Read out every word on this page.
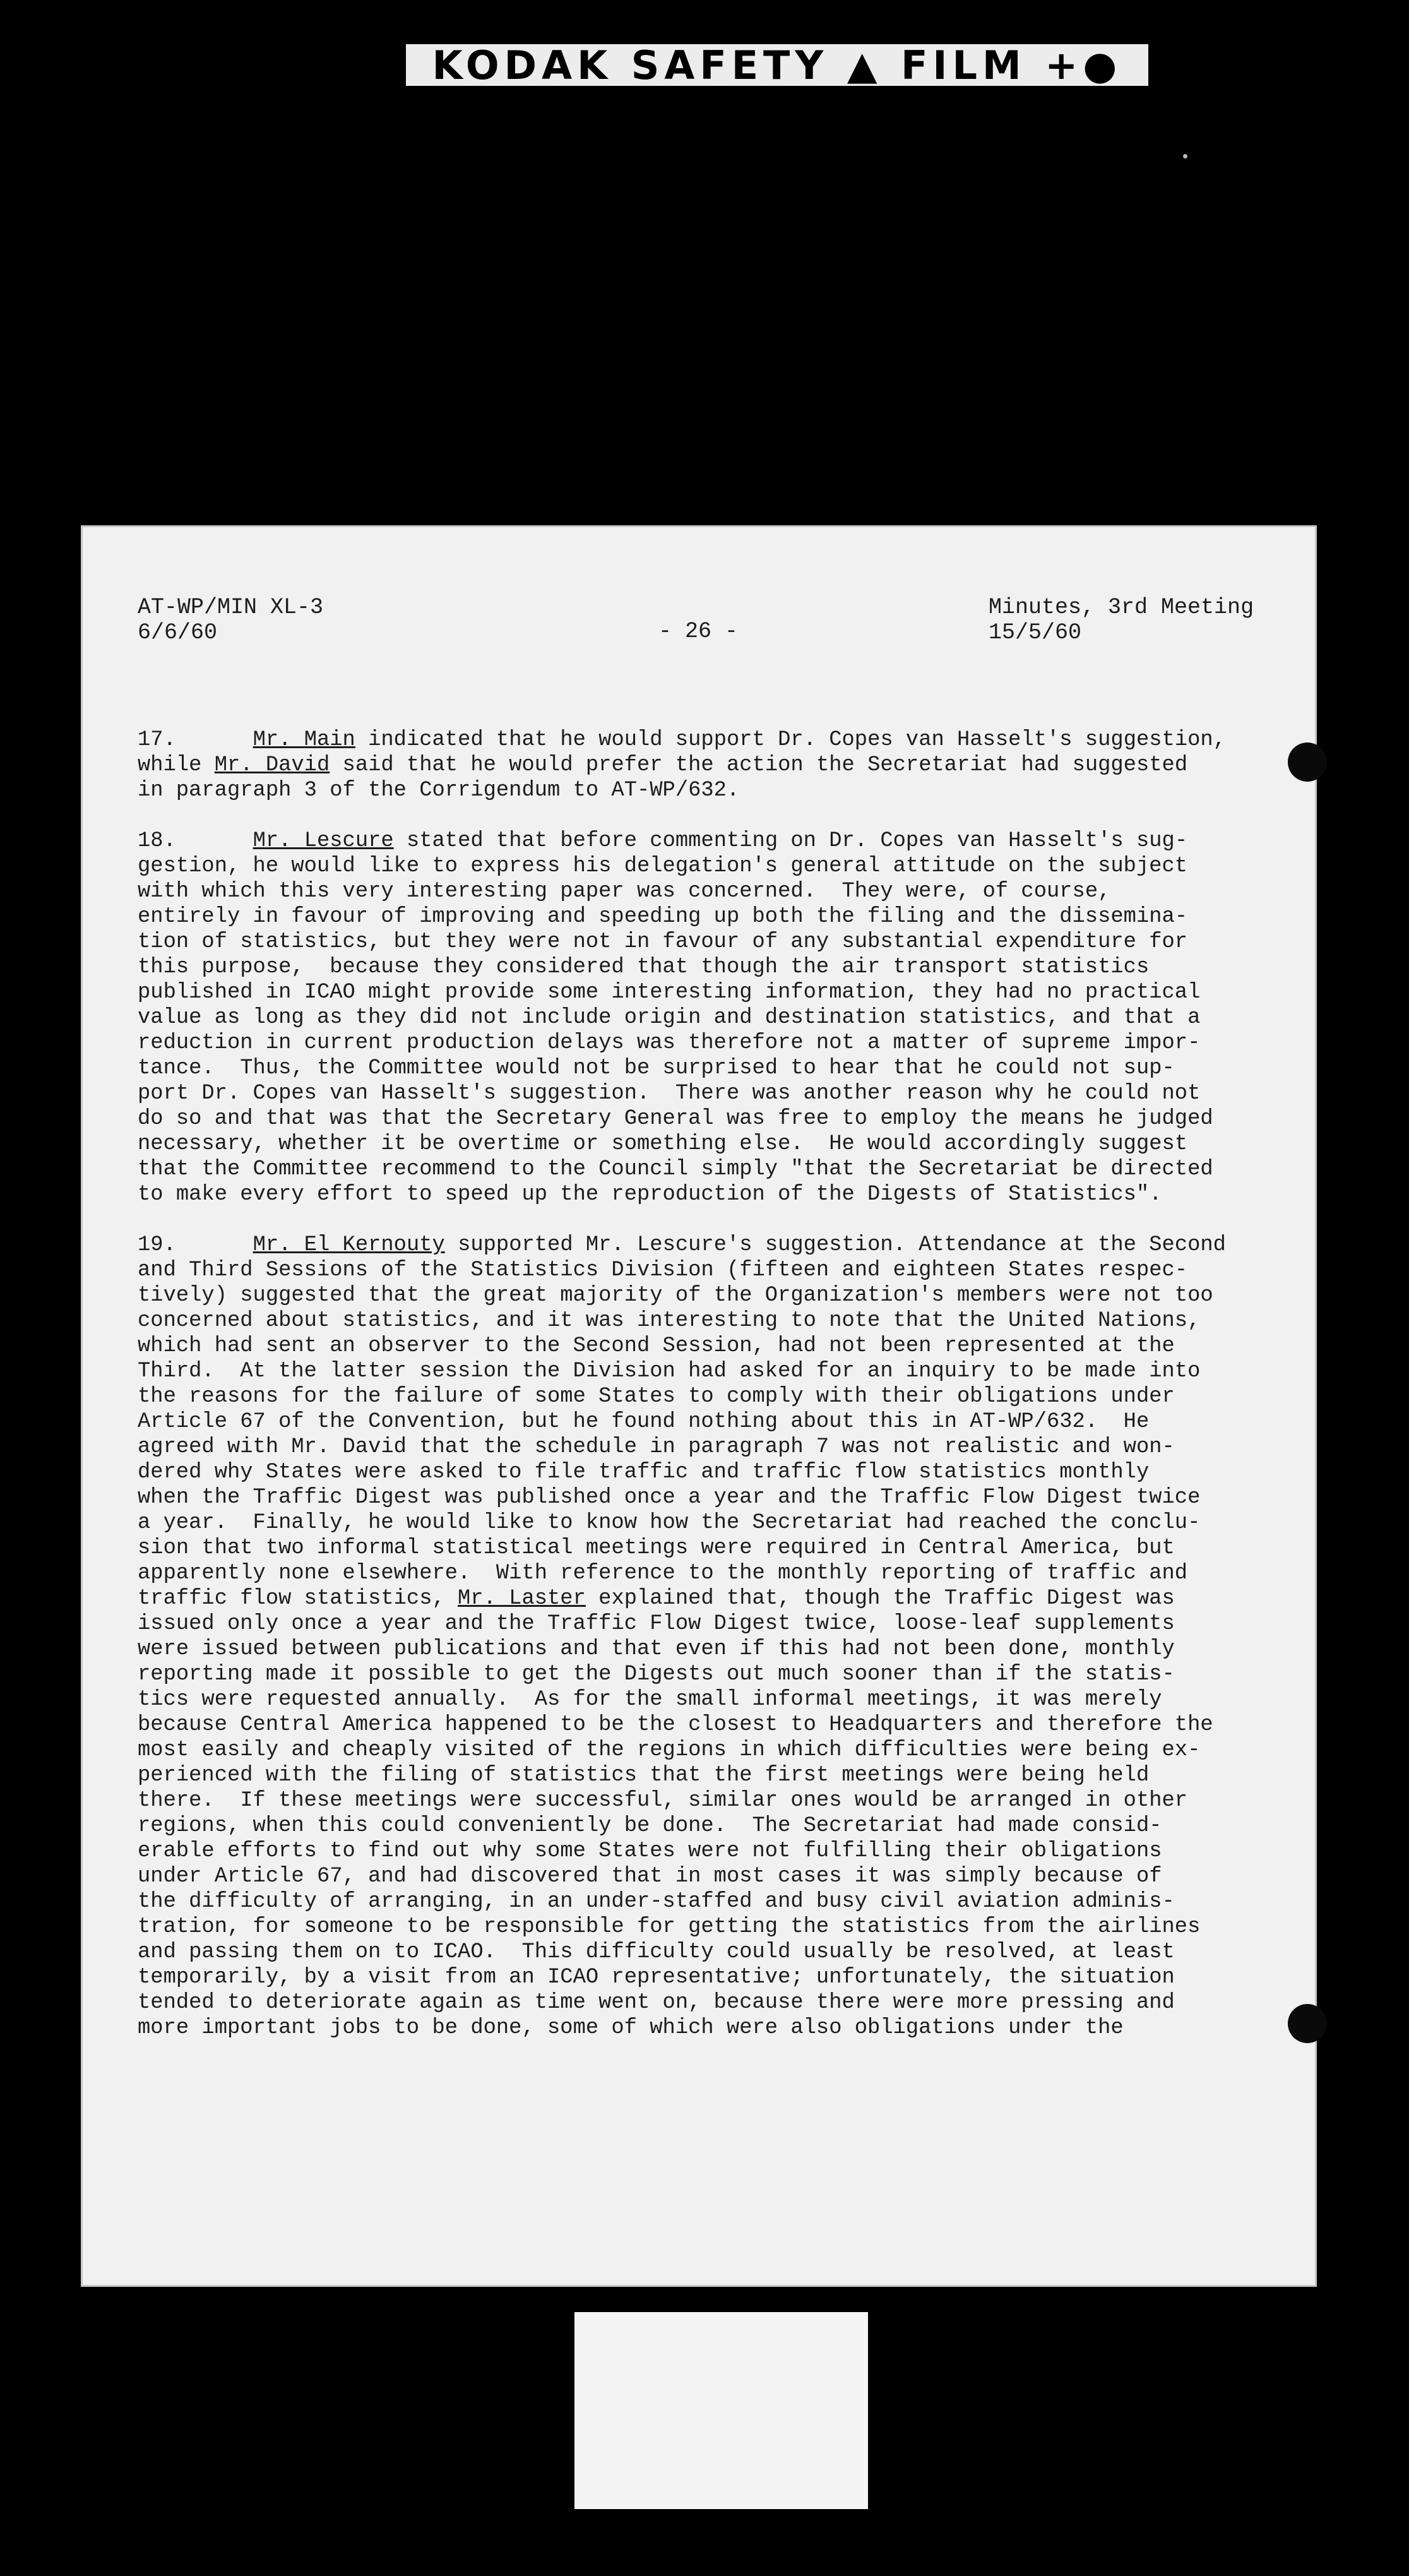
KODAK SAFETY ▲ FILM +●
AT-WP/MIN XL-3
6/6/60	- 26 -
Minutes, 3rd Meeting
15/5/60
17.	Mr. Main indicated that he would support Dr. Copes van Hasselt's suggestion,
while Mr. David said that he would prefer the action the Secretariat had suggested
in paragraph 3 of the Corrigendum to AT-WP/632.
18.	Mr. Lescure stated that before commenting on Dr. Copes van Hasselt's sug-
gestion, he would like to express his delegation's general attitude on the subject
with which this very interesting paper was concerned.  They were, of course,
entirely in favour of improving and speeding up both the filing and the dissemina-
tion of statistics, but they were not in favour of any substantial expenditure for
this purpose,  because they considered that though the air transport statistics
published in ICAO might provide some interesting information, they had no practical
value as long as they did not include origin and destination statistics, and that a
reduction in current production delays was therefore not a matter of supreme impor-
tance.  Thus, the Committee would not be surprised to hear that he could not sup-
port Dr. Copes van Hasselt's suggestion.  There was another reason why he could not
do so and that was that the Secretary General was free to employ the means he judged
necessary, whether it be overtime or something else.  He would accordingly suggest
that the Committee recommend to the Council simply "that the Secretariat be directed
to make every effort to speed up the reproduction of the Digests of Statistics".
19.	Mr. El Kernouty supported Mr. Lescure's suggestion. Attendance at the Second
and Third Sessions of the Statistics Division (fifteen and eighteen States respec-
tively) suggested that the great majority of the Organization's members were not too
concerned about statistics, and it was interesting to note that the United Nations,
which had sent an observer to the Second Session, had not been represented at the
Third.  At the latter session the Division had asked for an inquiry to be made into
the reasons for the failure of some States to comply with their obligations under
Article 67 of the Convention, but he found nothing about this in AT-WP/632.  He
agreed with Mr. David that the schedule in paragraph 7 was not realistic and won-
dered why States were asked to file traffic and traffic flow statistics monthly
when the Traffic Digest was published once a year and the Traffic Flow Digest twice
a year.  Finally, he would like to know how the Secretariat had reached the conclu-
sion that two informal statistical meetings were required in Central America, but
apparently none elsewhere.  With reference to the monthly reporting of traffic and
traffic flow statistics, Mr. Laster explained that, though the Traffic Digest was
issued only once a year and the Traffic Flow Digest twice, loose-leaf supplements
were issued between publications and that even if this had not been done, monthly
reporting made it possible to get the Digests out much sooner than if the statis-
tics were requested annually.  As for the small informal meetings, it was merely
because Central America happened to be the closest to Headquarters and therefore the
most easily and cheaply visited of the regions in which difficulties were being ex-
perienced with the filing of statistics that the first meetings were being held
there.  If these meetings were successful, similar ones would be arranged in other
regions, when this could conveniently be done.  The Secretariat had made consid-
erable efforts to find out why some States were not fulfilling their obligations
under Article 67, and had discovered that in most cases it was simply because of
the difficulty of arranging, in an under-staffed and busy civil aviation adminis-
tration, for someone to be responsible for getting the statistics from the airlines
and passing them on to ICAO.  This difficulty could usually be resolved, at least
temporarily, by a visit from an ICAO representative; unfortunately, the situation
tended to deteriorate again as time went on, because there were more pressing and
more important jobs to be done, some of which were also obligations under the
